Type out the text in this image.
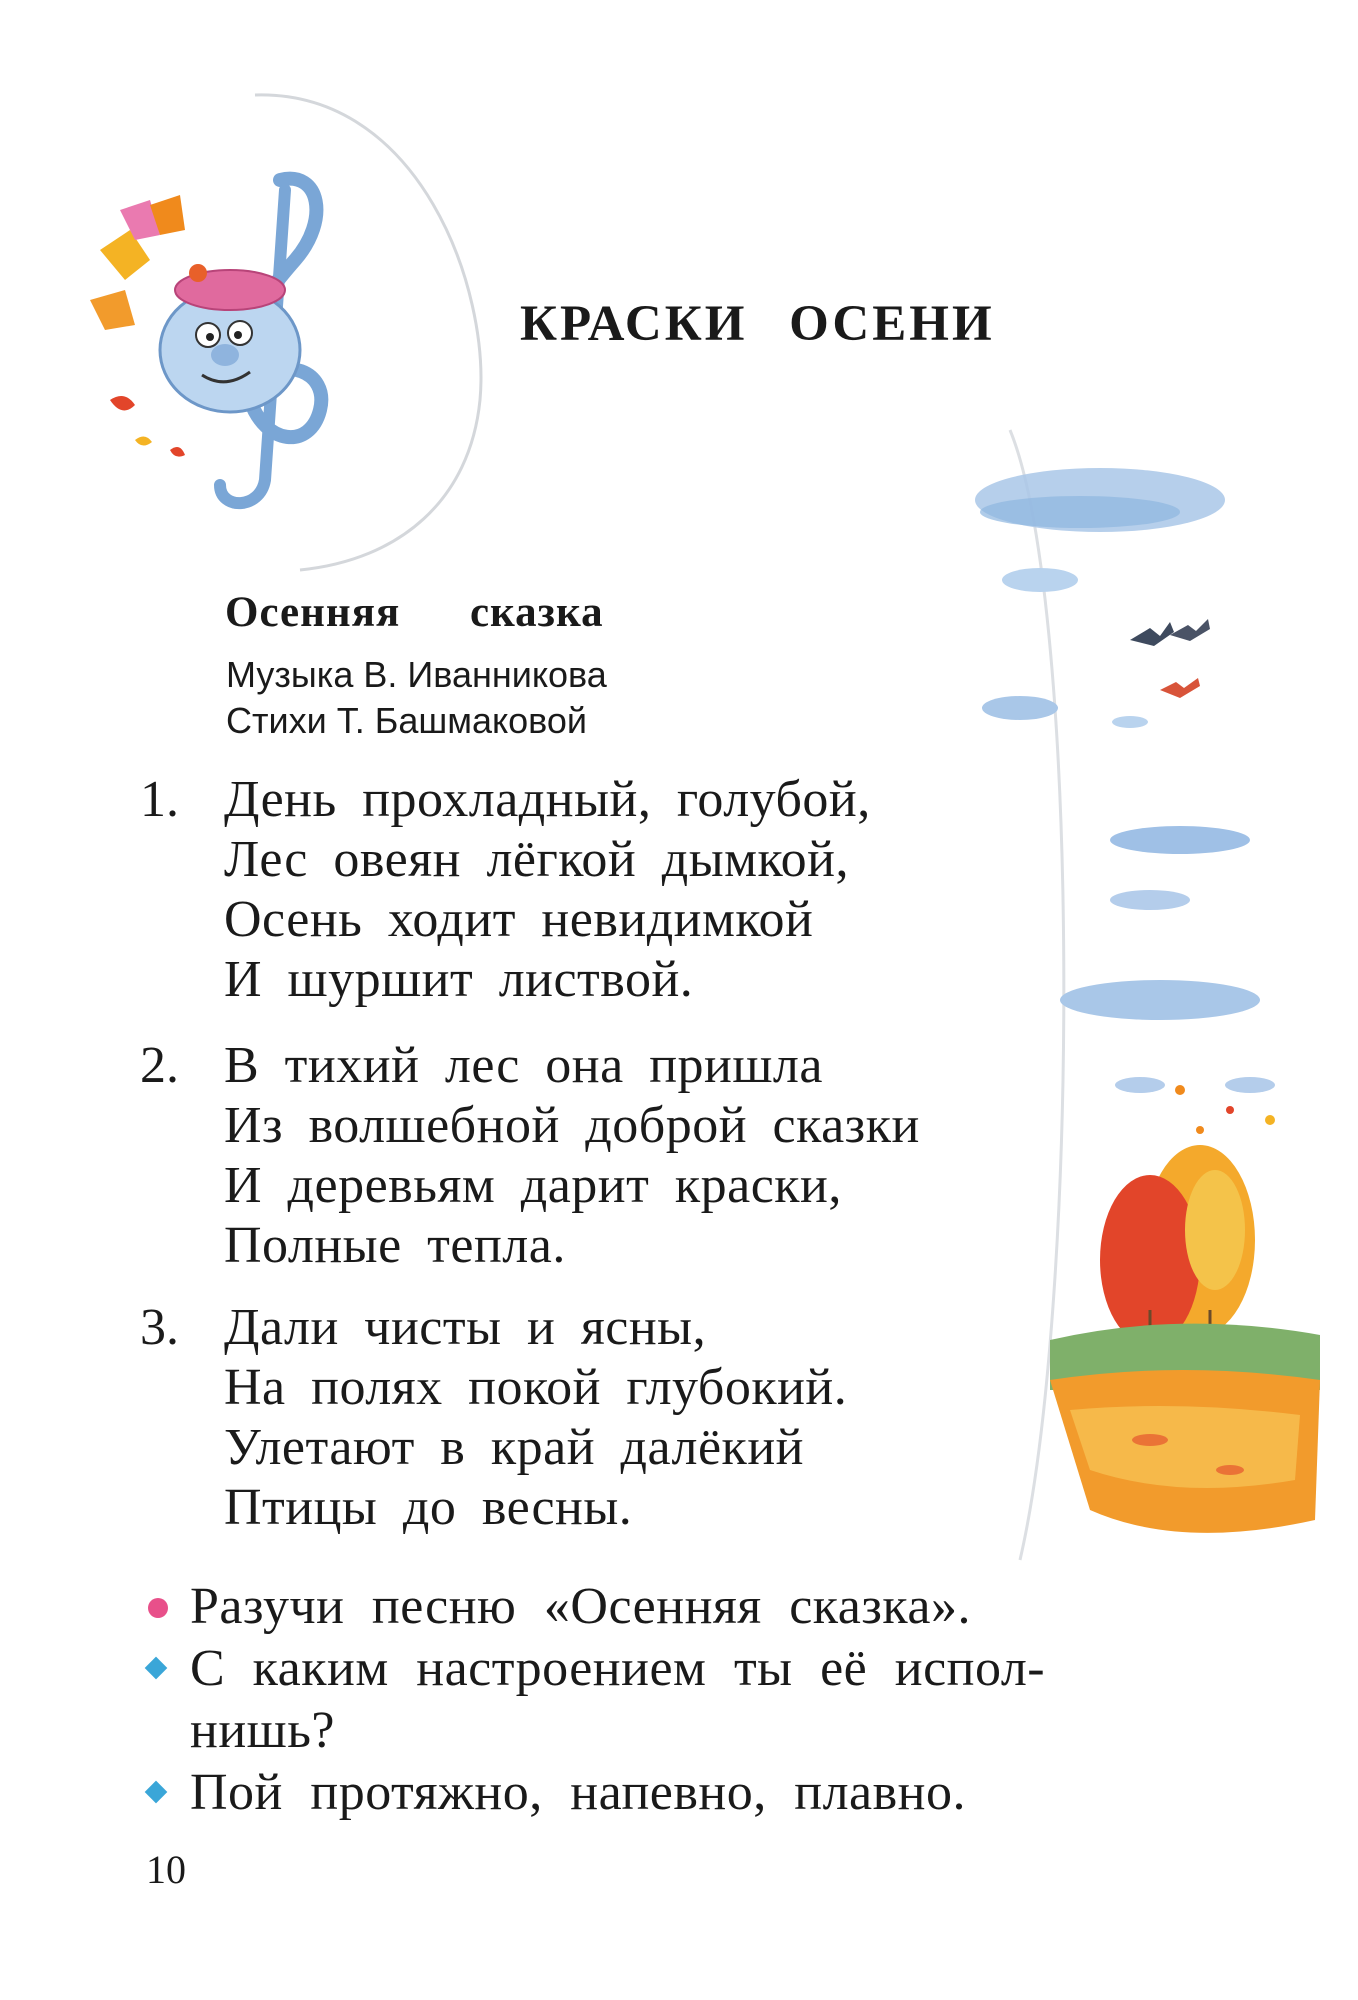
КРАСКИ ОСЕНИ
Осенняя сказка
Музыка В. Иванникова
Стихи Т. Башмаковой
1. День прохладный, голубой,
Лес овеян лёгкой дымкой,
Осень ходит невидимкой
И шуршит листвой.
2. В тихий лес она пришла
Из волшебной доброй сказки
И деревьям дарит краски,
Полные тепла.
3. Дали чисты и ясны,
На полях покой глубокий.
Улетают в край далёкий
Птицы до весны.
Разучи песню «Осенняя сказка».
С каким настроением ты её испол-
нишь?
Пой протяжно, напевно, плавно.
10
